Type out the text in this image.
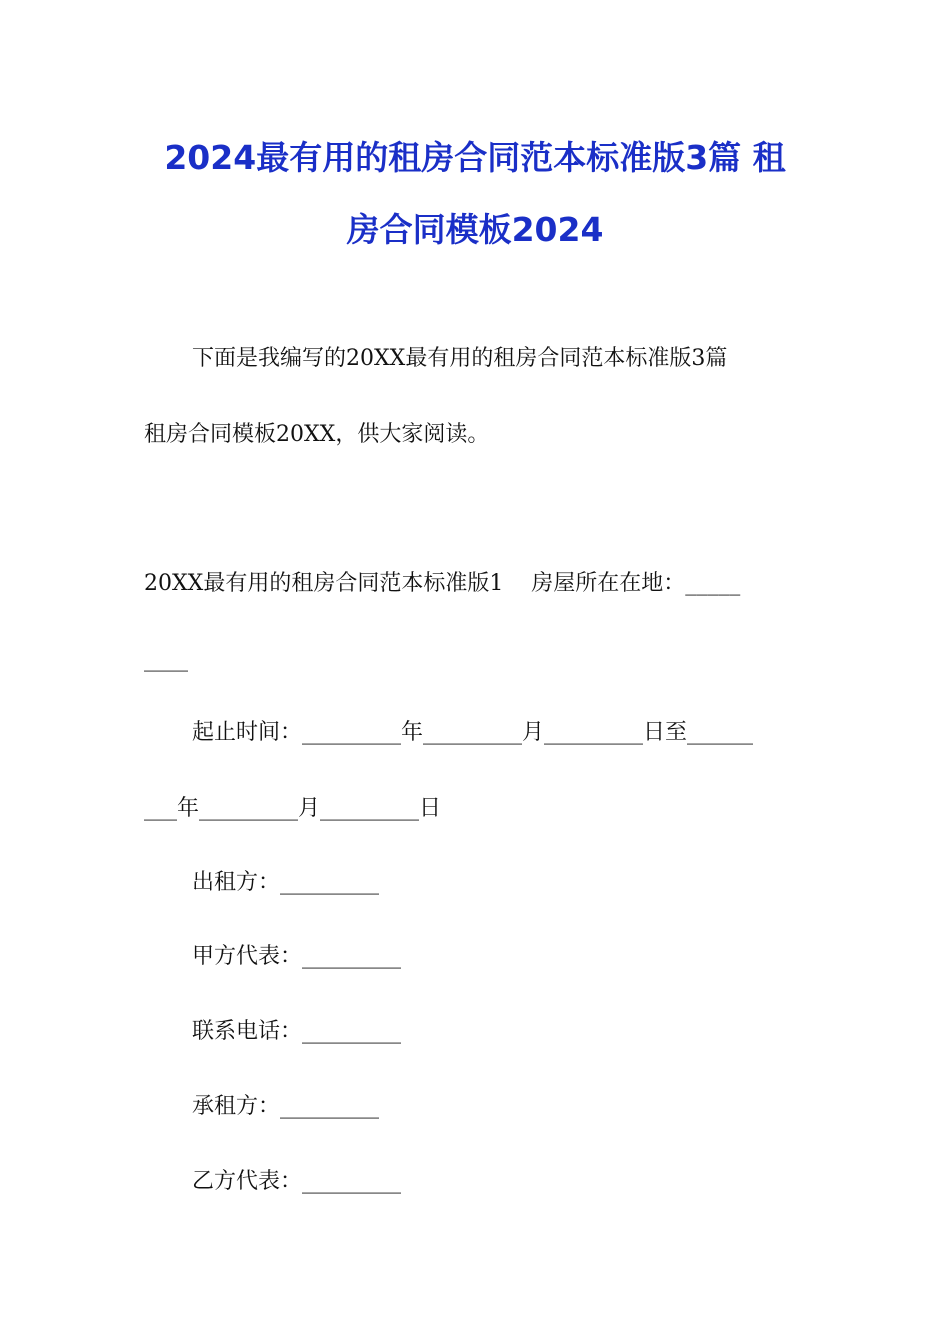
2024最有用的租房合同范本标准版3篇 租
房合同模板2024

下面是我编写的20XX最有用的租房合同范本标准版3篇

租房合同模板20XX，供大家阅读。

20XX最有用的租房合同范本标准版1    房屋所在在地：_____

____

起止时间：_________年_________月_________日至______

___年_________月_________日

出租方：_________

甲方代表：_________

联系电话：_________

承租方：_________

乙方代表：_________
